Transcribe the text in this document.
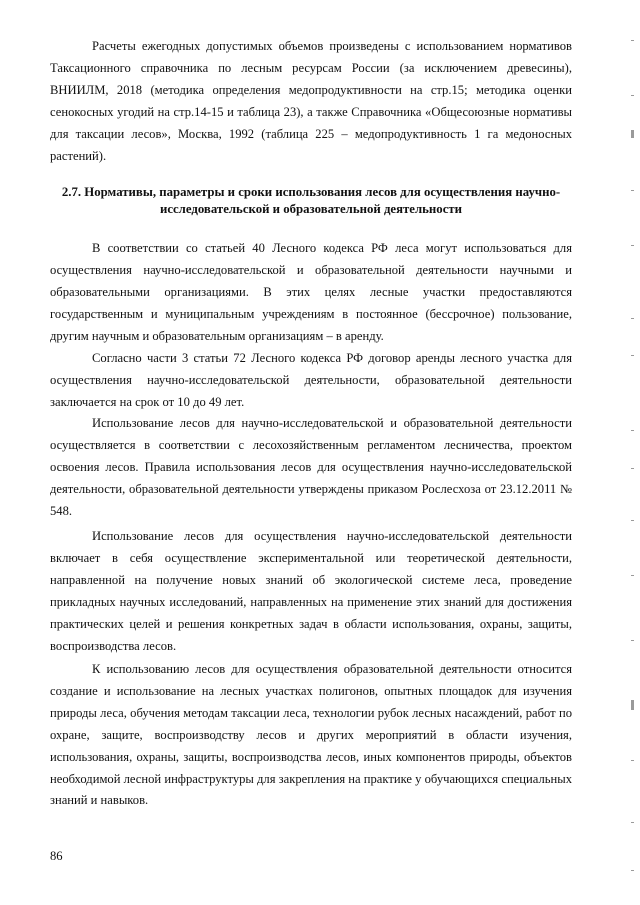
Расчеты ежегодных допустимых объемов произведены с использованием нормативов Таксационного справочника по лесным ресурсам России (за исключением древесины), ВНИИЛМ, 2018 (методика определения медопродуктивности на стр.15; методика оценки сенокосных угодий на стр.14-15 и таблица 23), а также Справочника «Общесоюзные нормативы для таксации лесов», Москва, 1992 (таблица 225 – медопродуктивность 1 га медоносных растений).

2.7. Нормативы, параметры и сроки использования лесов для осуществления научно-исследовательской и образовательной деятельности

В соответствии со статьей 40 Лесного кодекса РФ леса могут использоваться для осуществления научно-исследовательской и образовательной деятельности научными и образовательными организациями. В этих целях лесные участки предоставляются государственным и муниципальным учреждениям в постоянное (бессрочное) пользование, другим научным и образовательным организациям – в аренду.

Согласно части 3 статьи 72 Лесного кодекса РФ договор аренды лесного участка для осуществления научно-исследовательской деятельности, образовательной деятельности заключается на срок от 10 до 49 лет.

Использование лесов для научно-исследовательской и образовательной деятельности осуществляется в соответствии с лесохозяйственным регламентом лесничества, проектом освоения лесов. Правила использования лесов для осуществления научно-исследовательской деятельности, образовательной деятельности утверждены приказом Рослесхоза от 23.12.2011 № 548.

Использование лесов для осуществления научно-исследовательской деятельности включает в себя осуществление экспериментальной или теоретической деятельности, направленной на получение новых знаний об экологической системе леса, проведение прикладных научных исследований, направленных на применение этих знаний для достижения практических целей и решения конкретных задач в области использования, охраны, защиты, воспроизводства лесов.

К использованию лесов для осуществления образовательной деятельности относится создание и использование на лесных участках полигонов, опытных площадок для изучения природы леса, обучения методам таксации леса, технологии рубок лесных насаждений, работ по охране, защите, воспроизводству лесов и других мероприятий в области изучения, использования, охраны, защиты, воспроизводства лесов, иных компонентов природы, объектов необходимой лесной инфраструктуры для закрепления на практике у обучающихся специальных знаний и навыков.

86
